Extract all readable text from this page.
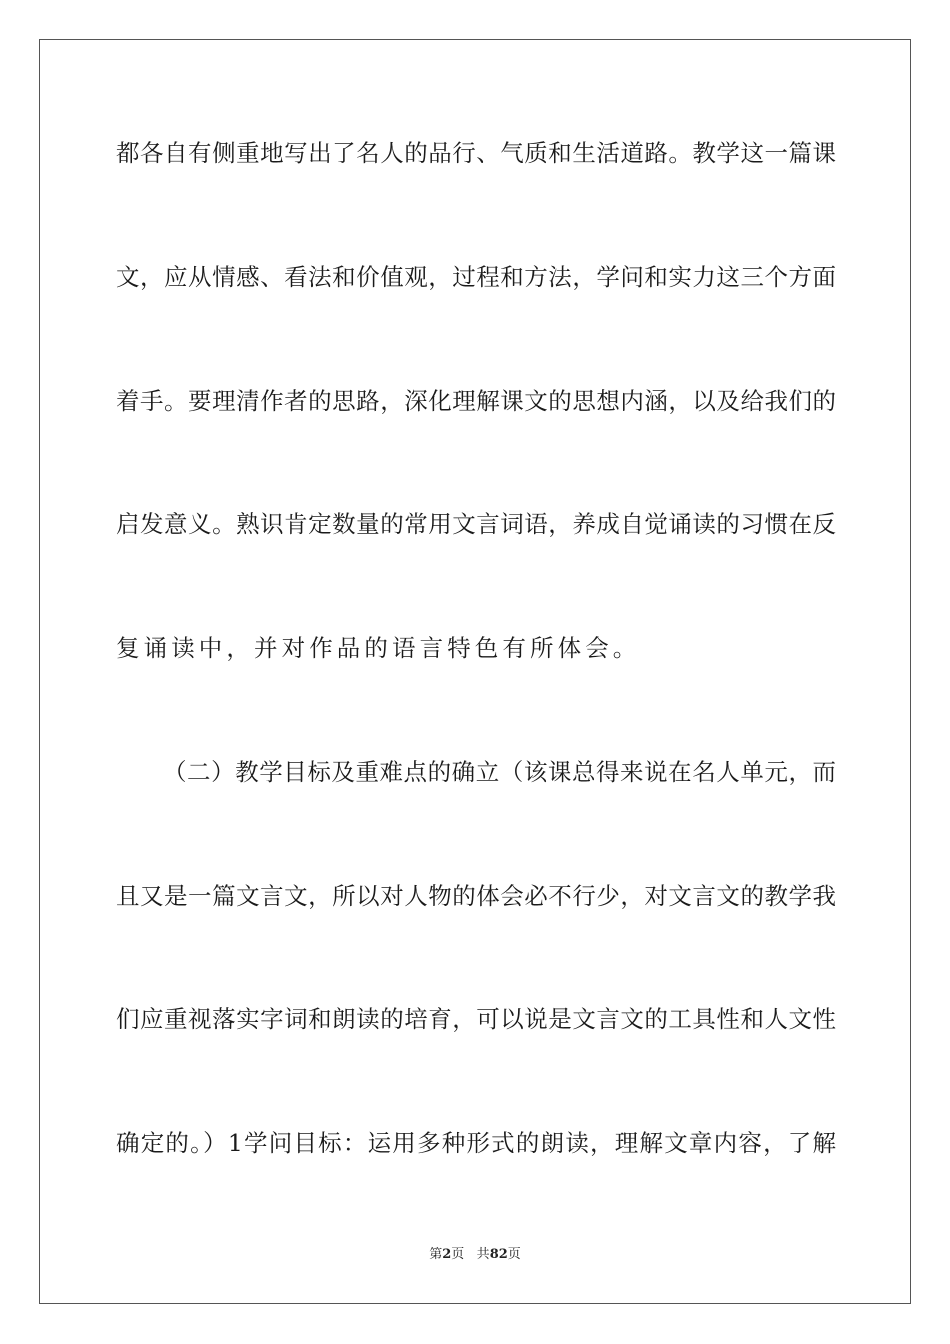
都各自有侧重地写出了名人的品行、气质和生活道路。教学这一篇课
文，应从情感、看法和价值观，过程和方法，学问和实力这三个方面
着手。要理清作者的思路，深化理解课文的思想内涵，以及给我们的
启发意义。熟识肯定数量的常用文言词语，养成自觉诵读的习惯在反
复诵读中，并对作品的语言特色有所体会。
（二）教学目标及重难点的确立（该课总得来说在名人单元，而
且又是一篇文言文，所以对人物的体会必不行少，对文言文的教学我
们应重视落实字词和朗读的培育，可以说是文言文的工具性和人文性
确定的。）1学问目标：运用多种形式的朗读，理解文章内容，了解
第2页 共82页
